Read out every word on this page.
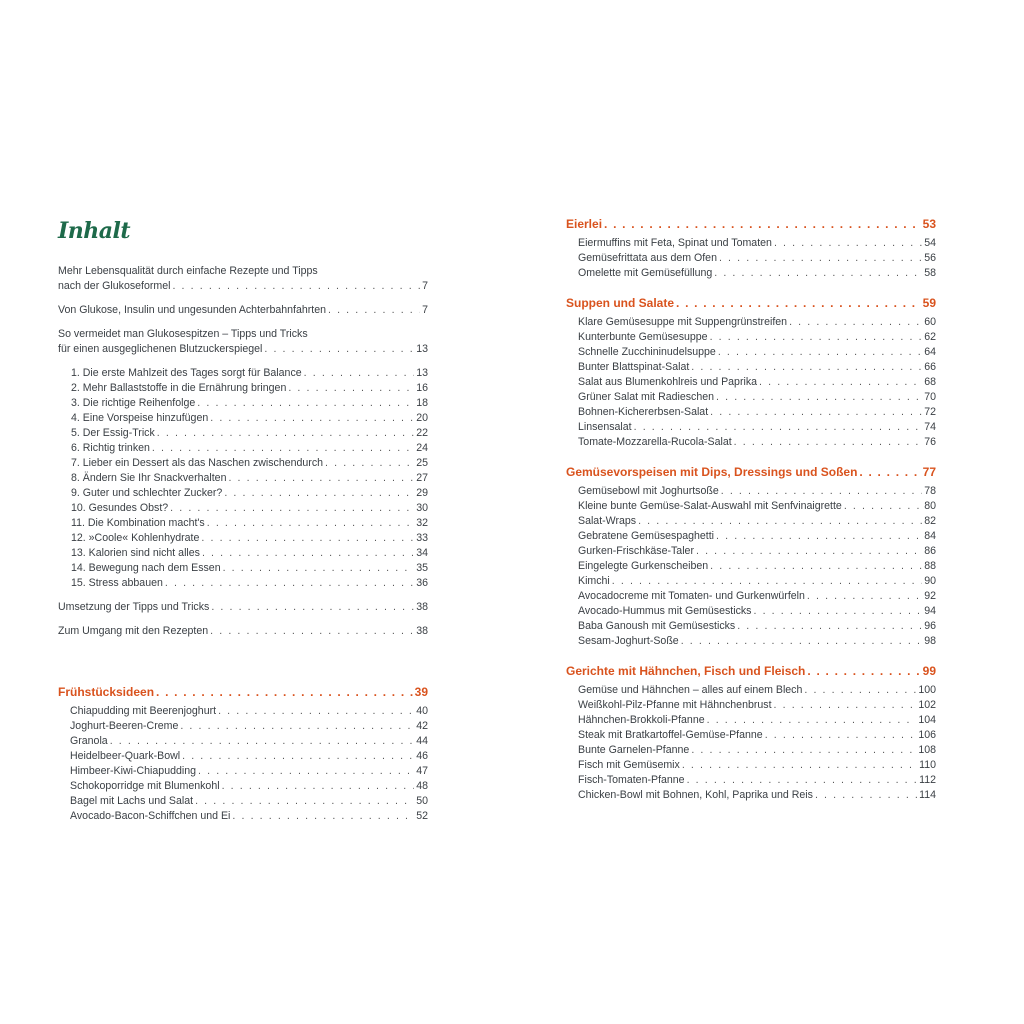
Inhalt
Mehr Lebensqualität durch einfache Rezepte und Tipps
nach der Glukoseformel . . .	7
Von Glukose, Insulin und ungesunden Achterbahnfahrten . . .	7
So vermeidet man Glukosespitzen – Tipps und Tricks
für einen ausgeglichenen Blutzuckerspiegel . . .	13
1. Die erste Mahlzeit des Tages sorgt für Balance . . .	13
2. Mehr Ballaststoffe in die Ernährung bringen . . .	16
3. Die richtige Reihenfolge . . .	18
4. Eine Vorspeise hinzufügen . . .	20
5. Der Essig-Trick . . .	22
6. Richtig trinken . . .	24
7. Lieber ein Dessert als das Naschen zwischendurch . . .	25
8. Ändern Sie Ihr Snackverhalten . . .	27
9. Guter und schlechter Zucker? . . .	29
10. Gesundes Obst? . . .	30
11. Die Kombination macht's . . .	32
12. »Coole« Kohlenhydrate . . .	33
13. Kalorien sind nicht alles . . .	34
14. Bewegung nach dem Essen . . .	35
15. Stress abbauen . . .	36
Umsetzung der Tipps und Tricks . . .	38
Zum Umgang mit den Rezepten . . .	38
Frühstücksideen . . .	39
Chiapudding mit Beerenjoghurt . . .	40
Joghurt-Beeren-Creme . . .	42
Granola . . .	44
Heidelbeer-Quark-Bowl . . .	46
Himbeer-Kiwi-Chiapudding . . .	47
Schokoporridge mit Blumenkohl . . .	48
Bagel mit Lachs und Salat . . .	50
Avocado-Bacon-Schiffchen und Ei . . .	52
Eierlei . . .	53
Eiermuffins mit Feta, Spinat und Tomaten . . .	54
Gemüsefrittata aus dem Ofen . . .	56
Omelette mit Gemüsefüllung . . .	58
Suppen und Salate . . .	59
Klare Gemüsesuppe mit Suppengrünstreifen . . .	60
Kunterbunte Gemüsesuppe . . .	62
Schnelle Zucchininudelsuppe . . .	64
Bunter Blattspinat-Salat . . .	66
Salat aus Blumenkohlreis und Paprika . . .	68
Grüner Salat mit Radieschen . . .	70
Bohnen-Kichererbsen-Salat . . .	72
Linsensalat . . .	74
Tomate-Mozzarella-Rucola-Salat . . .	76
Gemüsevorspeisen mit Dips, Dressings und Soßen . . .	77
Gemüsebowl mit Joghurtsoße . . .	78
Kleine bunte Gemüse-Salat-Auswahl mit Senfvinaigrette . . .	80
Salat-Wraps . . .	82
Gebratene Gemüsespaghetti . . .	84
Gurken-Frischkäse-Taler . . .	86
Eingelegte Gurkenscheiben . . .	88
Kimchi . . .	90
Avocadocreme mit Tomaten- und Gurkenwürfeln . . .	92
Avocado-Hummus mit Gemüsesticks . . .	94
Baba Ganoush mit Gemüsesticks . . .	96
Sesam-Joghurt-Soße . . .	98
Gerichte mit Hähnchen, Fisch und Fleisch . . .	99
Gemüse und Hähnchen – alles auf einem Blech . . .	100
Weißkohl-Pilz-Pfanne mit Hähnchenbrust . . .	102
Hähnchen-Brokkoli-Pfanne . . .	104
Steak mit Bratkartoffel-Gemüse-Pfanne . . .	106
Bunte Garnelen-Pfanne . . .	108
Fisch mit Gemüsemix . . .	110
Fisch-Tomaten-Pfanne . . .	112
Chicken-Bowl mit Bohnen, Kohl, Paprika und Reis . . .	114
